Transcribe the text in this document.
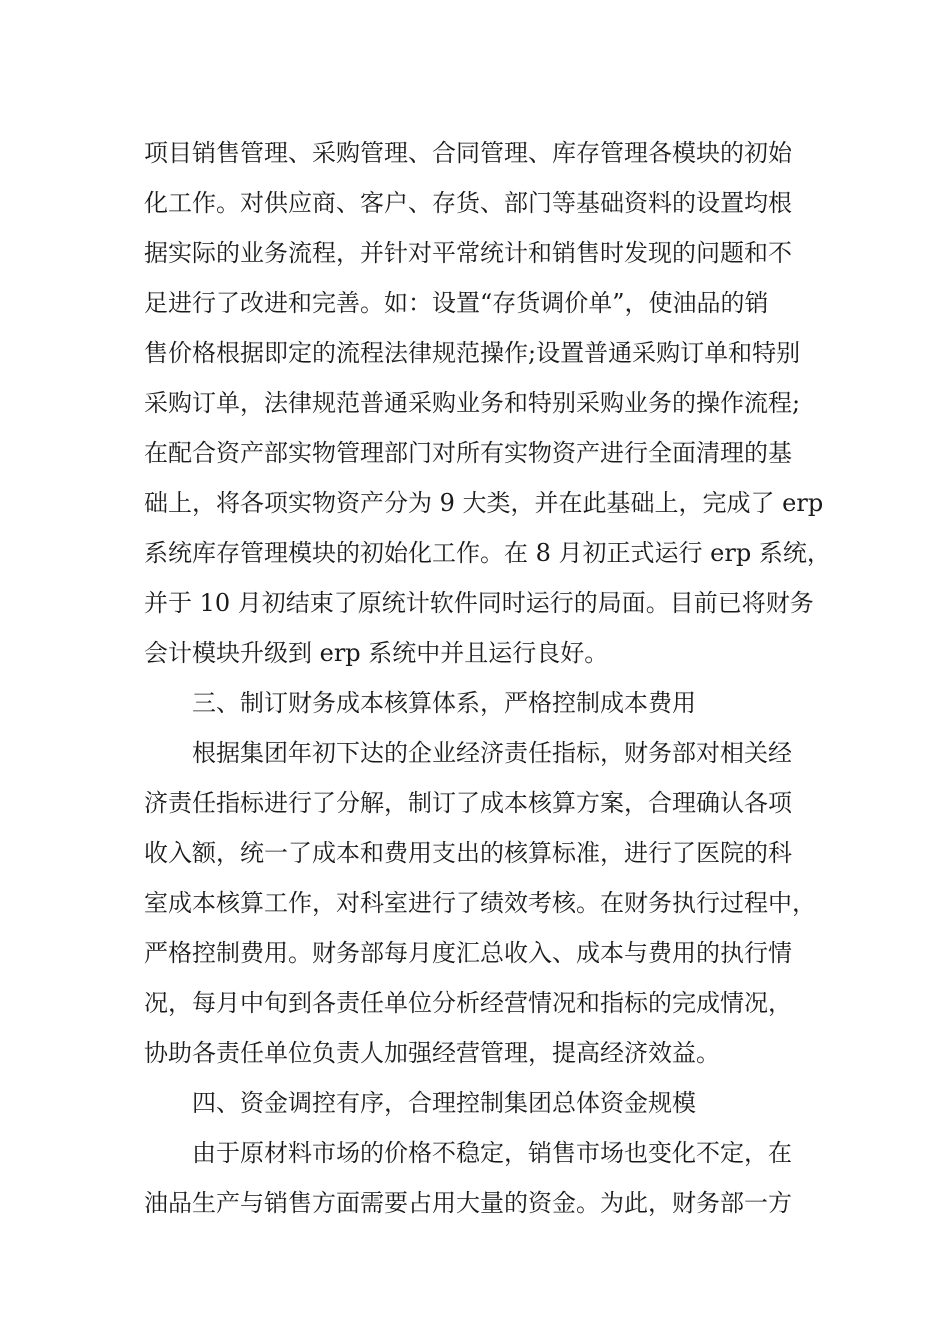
项目销售管理、采购管理、合同管理、库存管理各模块的初始

化工作。对供应商、客户、存货、部门等基础资料的设置均根

据实际的业务流程，并针对平常统计和销售时发现的问题和不

足进行了改进和完善。如：设置“存货调价单”，使油品的销

售价格根据即定的流程法律规范操作;设置普通采购订单和特别

采购订单，法律规范普通采购业务和特别采购业务的操作流程;

在配合资产部实物管理部门对所有实物资产进行全面清理的基

础上，将各项实物资产分为 9 大类，并在此基础上，完成了 erp

系统库存管理模块的初始化工作。在 8 月初正式运行 erp 系统，

并于 10 月初结束了原统计软件同时运行的局面。目前已将财务

会计模块升级到 erp 系统中并且运行良好。

三、制订财务成本核算体系，严格控制成本费用

根据集团年初下达的企业经济责任指标，财务部对相关经

济责任指标进行了分解，制订了成本核算方案，合理确认各项

收入额，统一了成本和费用支出的核算标准，进行了医院的科

室成本核算工作，对科室进行了绩效考核。在财务执行过程中，

严格控制费用。财务部每月度汇总收入、成本与费用的执行情

况，每月中旬到各责任单位分析经营情况和指标的完成情况，

协助各责任单位负责人加强经营管理，提高经济效益。

四、资金调控有序，合理控制集团总体资金规模

由于原材料市场的价格不稳定，销售市场也变化不定，在

油品生产与销售方面需要占用大量的资金。为此，财务部一方
